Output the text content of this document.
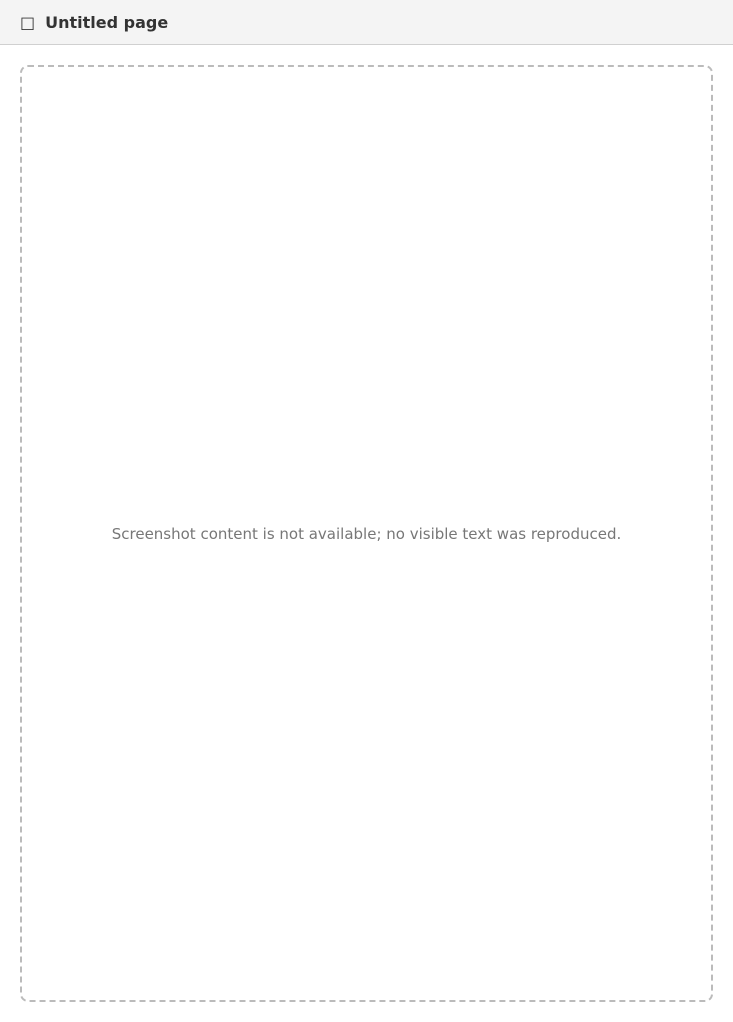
□ Untitled page
Screenshot content is not available; no visible text was reproduced.
